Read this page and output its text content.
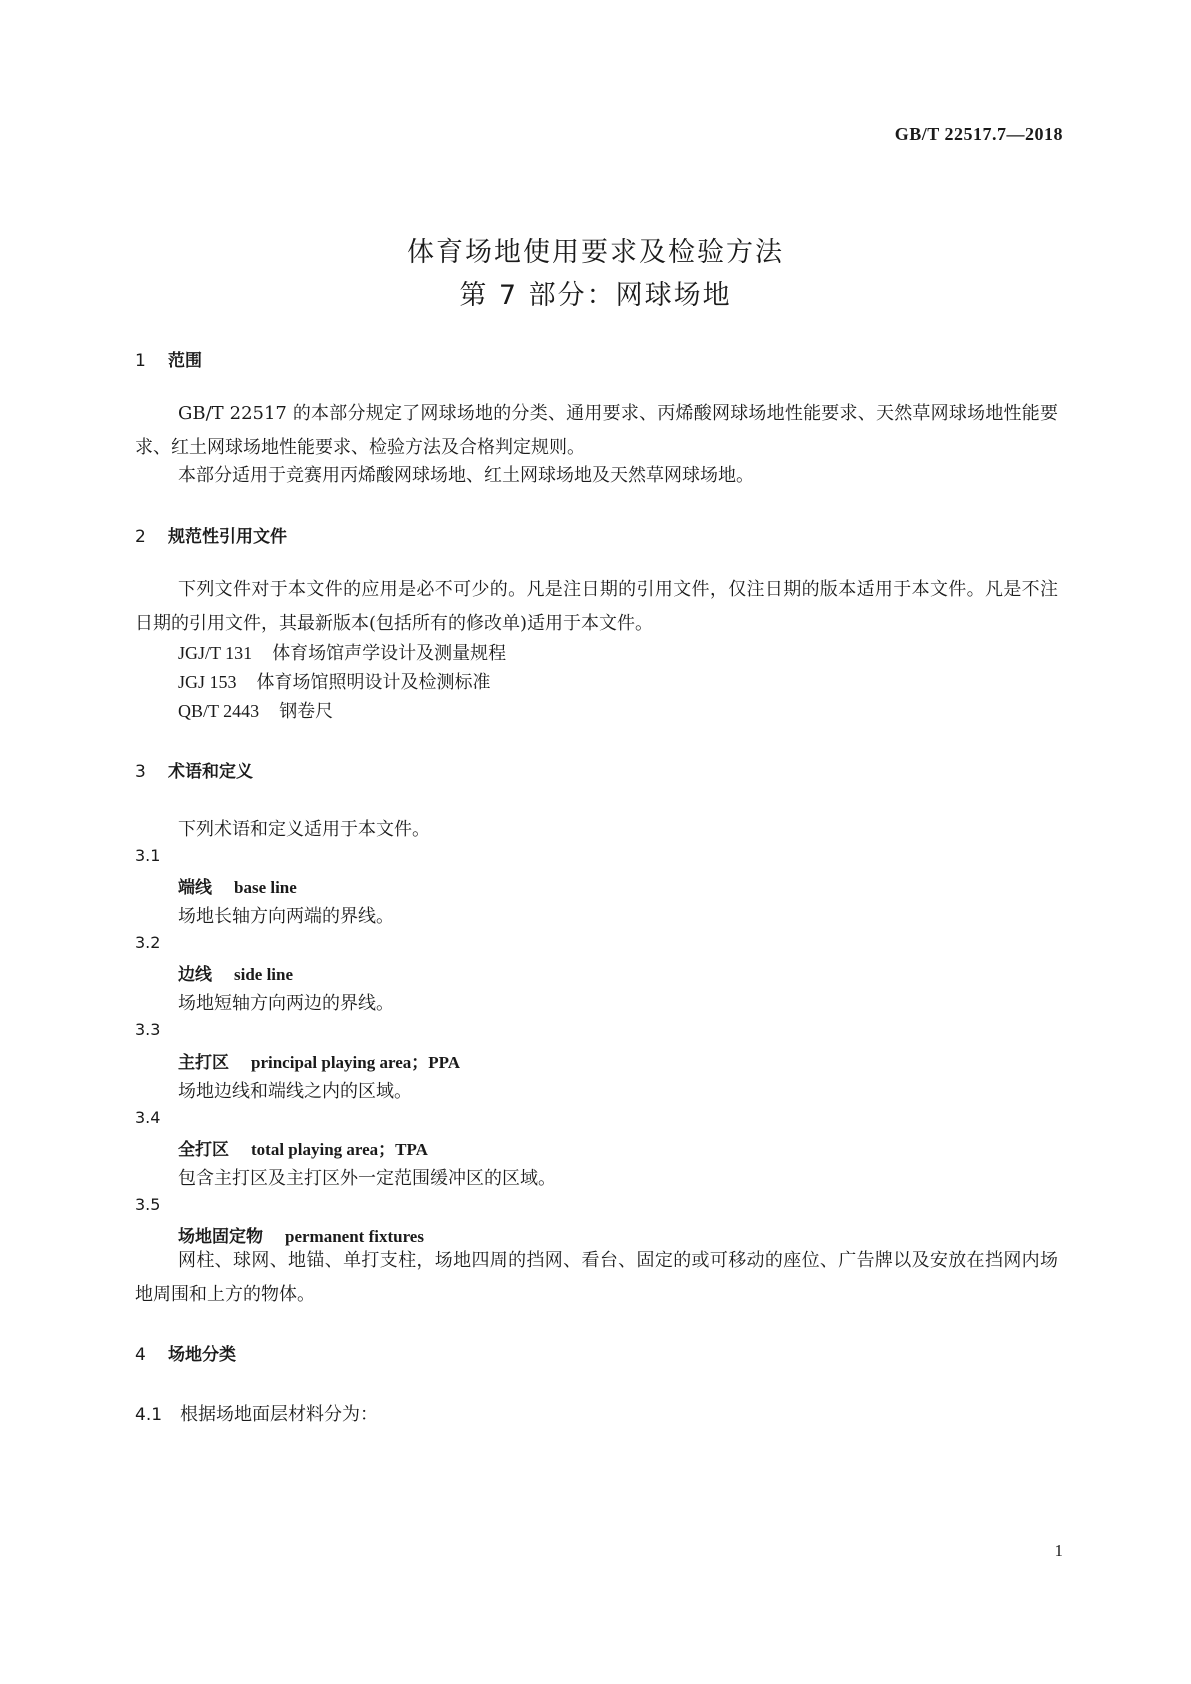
GB/T 22517.7—2018
体育场地使用要求及检验方法
第 7 部分：网球场地
1 范围
GB/T 22517 的本部分规定了网球场地的分类、通用要求、丙烯酸网球场地性能要求、天然草网球场地性能要求、红土网球场地性能要求、检验方法及合格判定规则。
本部分适用于竞赛用丙烯酸网球场地、红土网球场地及天然草网球场地。
2 规范性引用文件
下列文件对于本文件的应用是必不可少的。凡是注日期的引用文件，仅注日期的版本适用于本文件。凡是不注日期的引用文件，其最新版本(包括所有的修改单)适用于本文件。
JGJ/T 131 体育场馆声学设计及测量规程
JGJ 153 体育场馆照明设计及检测标准
QB/T 2443 钢卷尺
3 术语和定义
下列术语和定义适用于本文件。
3.1
端线 base line
场地长轴方向两端的界线。
3.2
边线 side line
场地短轴方向两边的界线。
3.3
主打区 principal playing area；PPA
场地边线和端线之内的区域。
3.4
全打区 total playing area；TPA
包含主打区及主打区外一定范围缓冲区的区域。
3.5
场地固定物 permanent fixtures
网柱、球网、地锚、单打支柱，场地四周的挡网、看台、固定的或可移动的座位、广告牌以及安放在挡网内场地周围和上方的物体。
4 场地分类
4.1 根据场地面层材料分为：
1
